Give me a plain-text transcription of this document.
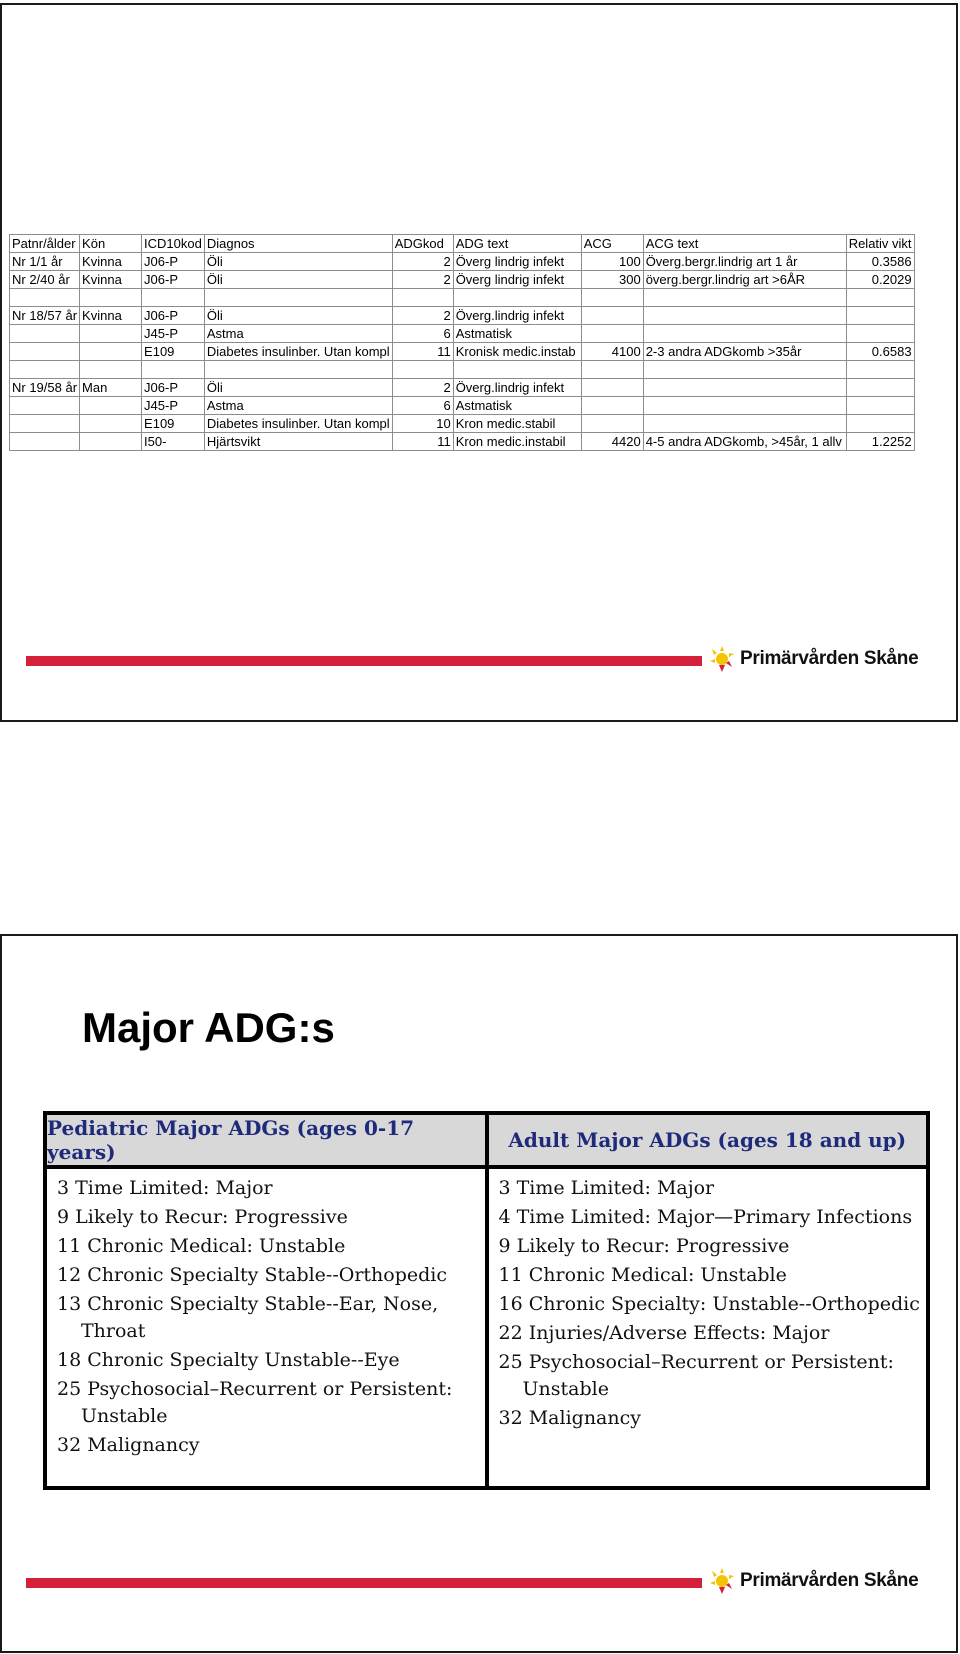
Patnr/ålder	Kön	ICD10kod	Diagnos	ADGkod	ADG text	ACG	ACG text	Relativ vikt
Nr 1/1 år	Kvinna	J06-P	Öli	2	Överg lindrig infekt	100	Överg.bergr.lindrig art 1 år	0.3586
Nr 2/40 år	Kvinna	J06-P	Öli	2	Överg lindrig infekt	300	överg.bergr.lindrig art >6ÅR	0.2029

Nr 18/57 år	Kvinna	J06-P	Öli	2	Överg.lindrig infekt			
		J45-P	Astma	6	Astmatisk			
		E109	Diabetes insulinber. Utan kompl	11	Kronisk medic.instab	4100	2-3 andra ADGkomb >35år	0.6583

Nr 19/58 år	Man	J06-P	Öli	2	Överg.lindrig infekt			
		J45-P	Astma	6	Astmatisk			
		E109	Diabetes insulinber. Utan kompl	10	Kron medic.stabil			
		I50-	Hjärtsvikt	11	Kron medic.instabil	4420	4-5 andra ADGkomb, >45år, 1 allv	1.2252
Primärvården Skåne
Major ADG:s
Pediatric Major ADGs (ages 0-17 years)
3 Time Limited: Major
9 Likely to Recur: Progressive
11 Chronic Medical: Unstable
12 Chronic Specialty Stable--Orthopedic
13 Chronic Specialty Stable--Ear, Nose, Throat
18 Chronic Specialty Unstable--Eye
25 Psychosocial–Recurrent or Persistent: Unstable
32 Malignancy
Adult Major ADGs (ages 18 and up)
3 Time Limited: Major
4 Time Limited: Major—Primary Infections
9 Likely to Recur: Progressive
11 Chronic Medical: Unstable
16 Chronic Specialty: Unstable--Orthopedic
22 Injuries/Adverse Effects: Major
25 Psychosocial–Recurrent or Persistent: Unstable
32 Malignancy
Primärvården Skåne
